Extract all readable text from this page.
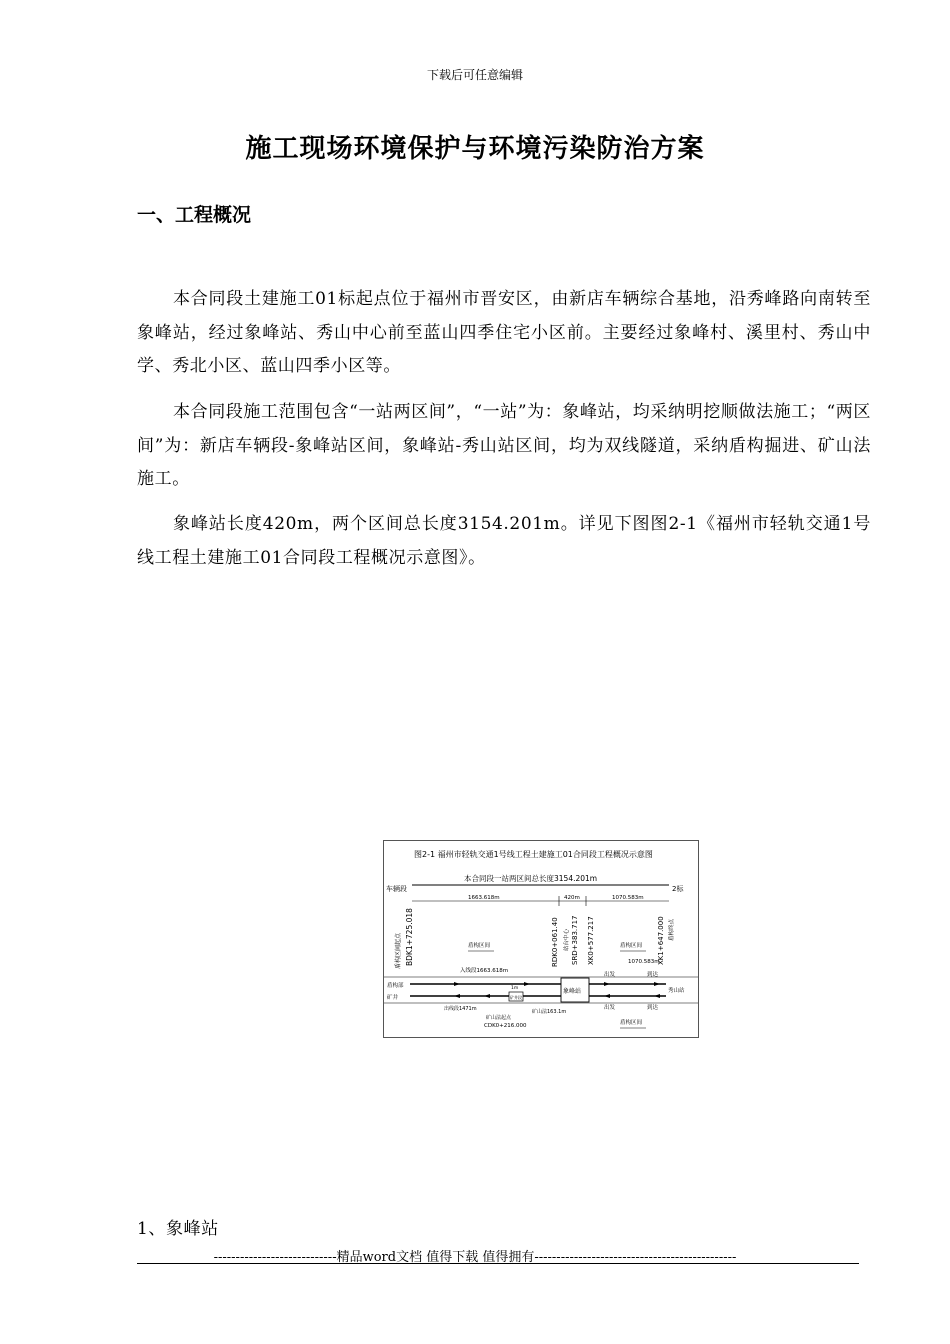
下载后可任意编辑
施工现场环境保护与环境污染防治方案
一、工程概况

本合同段土建施工01标起点位于福州市晋安区，由新店车辆综合基地，沿秀峰路向南转至象峰站，经过象峰站、秀山中心前至蓝山四季住宅小区前。主要经过象峰村、溪里村、秀山中学、秀北小区、蓝山四季小区等。

本合同段施工范围包含“一站两区间”，“一站”为：象峰站，均采纳明挖顺做法施工；“两区间”为：新店车辆段-象峰站区间，象峰站-秀山站区间，均为双线隧道，采纳盾构掘进、矿山法施工。

象峰站长度420m，两个区间总长度3154.201m。详见下图图2-1《福州市轻轨交通1号线工程土建施工01合同段工程概况示意图》。

图2-1 福州市轻轨交通1号线工程土建施工01合同段工程概况示意图
本合同段一站两区间总长度3154.201m
车辆段	2标
1663.618m	420m	1070.583m
盾构区间起点 BDK1+725.018	RDK0+061.40 站台中心 SRD+383.717 XK0+577.217	XK1+647.000 盾构终点
盾构区间	盾构区间
入线段1663.618m
1070.583m
出发	到达
盾构部
矿井
秀山站
矿井段
1m	象峰站
出线段1471m
矿山法起点
CDK0+216.000
矿山法163.1m
出发	到达
盾构区间
1、象峰站
----------------------------精品word文档 值得下载 值得拥有----------------------------------------------
